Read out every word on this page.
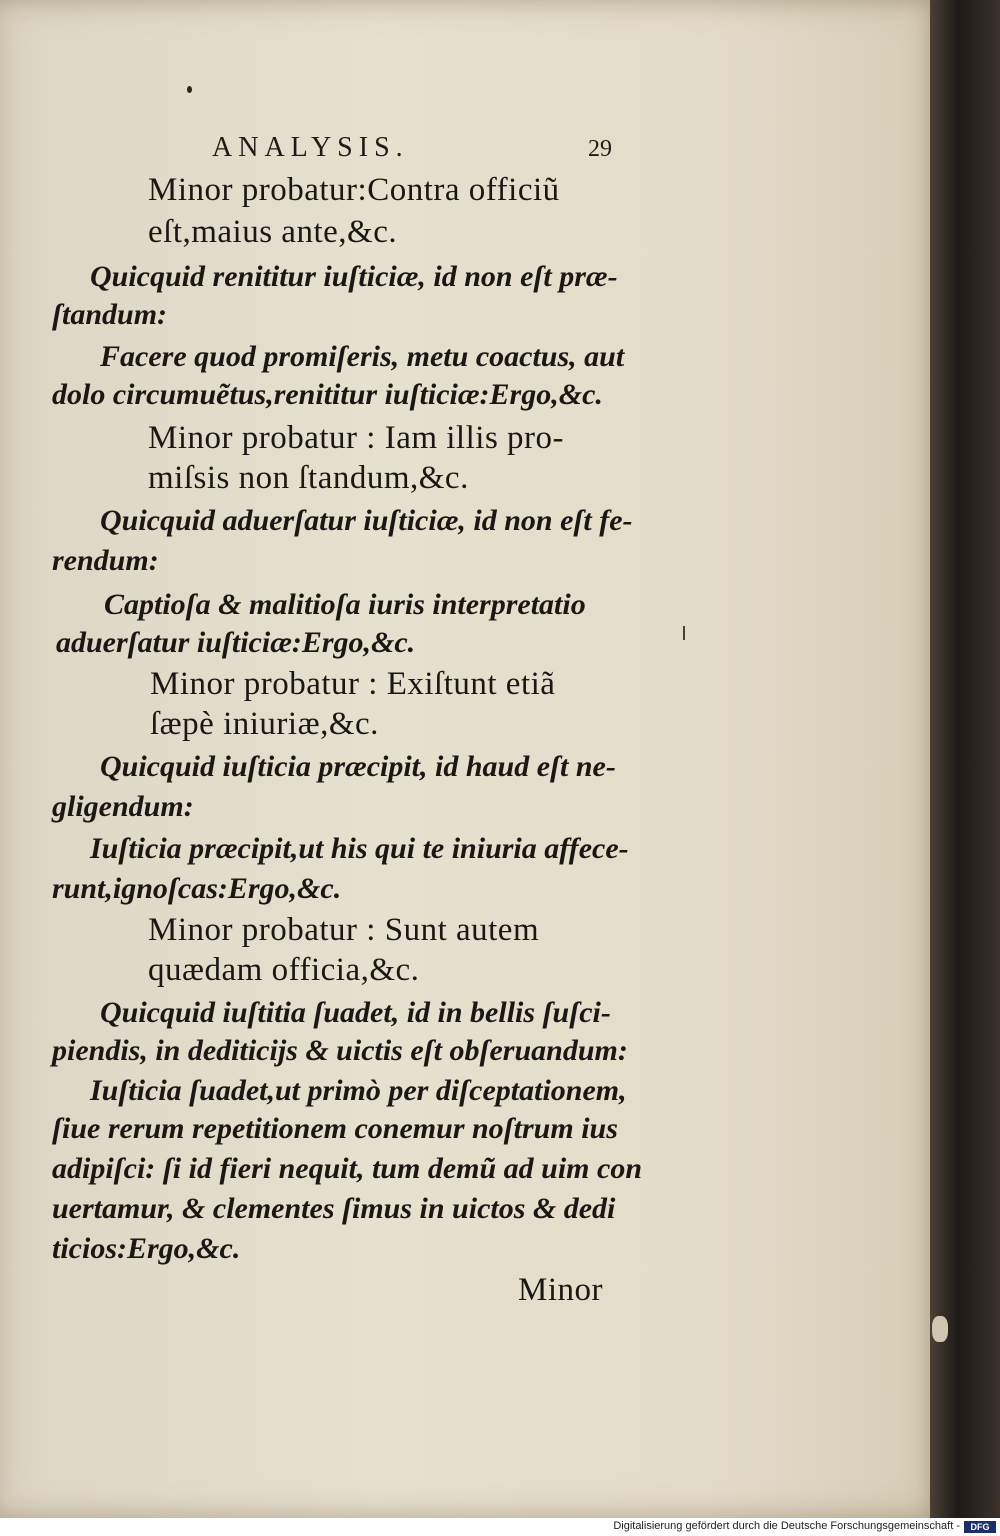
ANALYSIS.	29
Minor probatur:Contra officiũ
eſt,maius ante,&c.
Quicquid renititur iuſticiæ, id non eſt præ-
ſtandum:
Facere quod promiſeris, metu coactus, aut
dolo circumuẽtus,renititur iuſticiæ:Ergo,&c.
Minor probatur : Iam illis pro-
miſsis non ſtandum,&c.
Quicquid aduerſatur iuſticiæ, id non eſt fe-
rendum:
Captioſa & malitioſa iuris interpretatio
aduerſatur iuſticiæ:Ergo,&c.
Minor probatur : Exiſtunt etiã
ſæpè iniuriæ,&c.
Quicquid iuſticia præcipit, id haud eſt ne-
gligendum:
Iuſticia præcipit,ut his qui te iniuria affece-
runt,ignoſcas:Ergo,&c.
Minor probatur : Sunt autem
quædam officia,&c.
Quicquid iuſtitia ſuadet, id in bellis ſuſci-
piendis, in dediticijs & uictis eſt obſeruandum:
Iuſticia ſuadet,ut primò per diſceptationem,
ſiue rerum repetitionem conemur noſtrum ius
adipiſci: ſi id fieri nequit, tum demũ ad uim con
uertamur, & clementes ſimus in uictos & dedi
ticios:Ergo,&c.
Minor
Digitalisierung gefördert durch die Deutsche Forschungsgemeinschaft -	DFG
